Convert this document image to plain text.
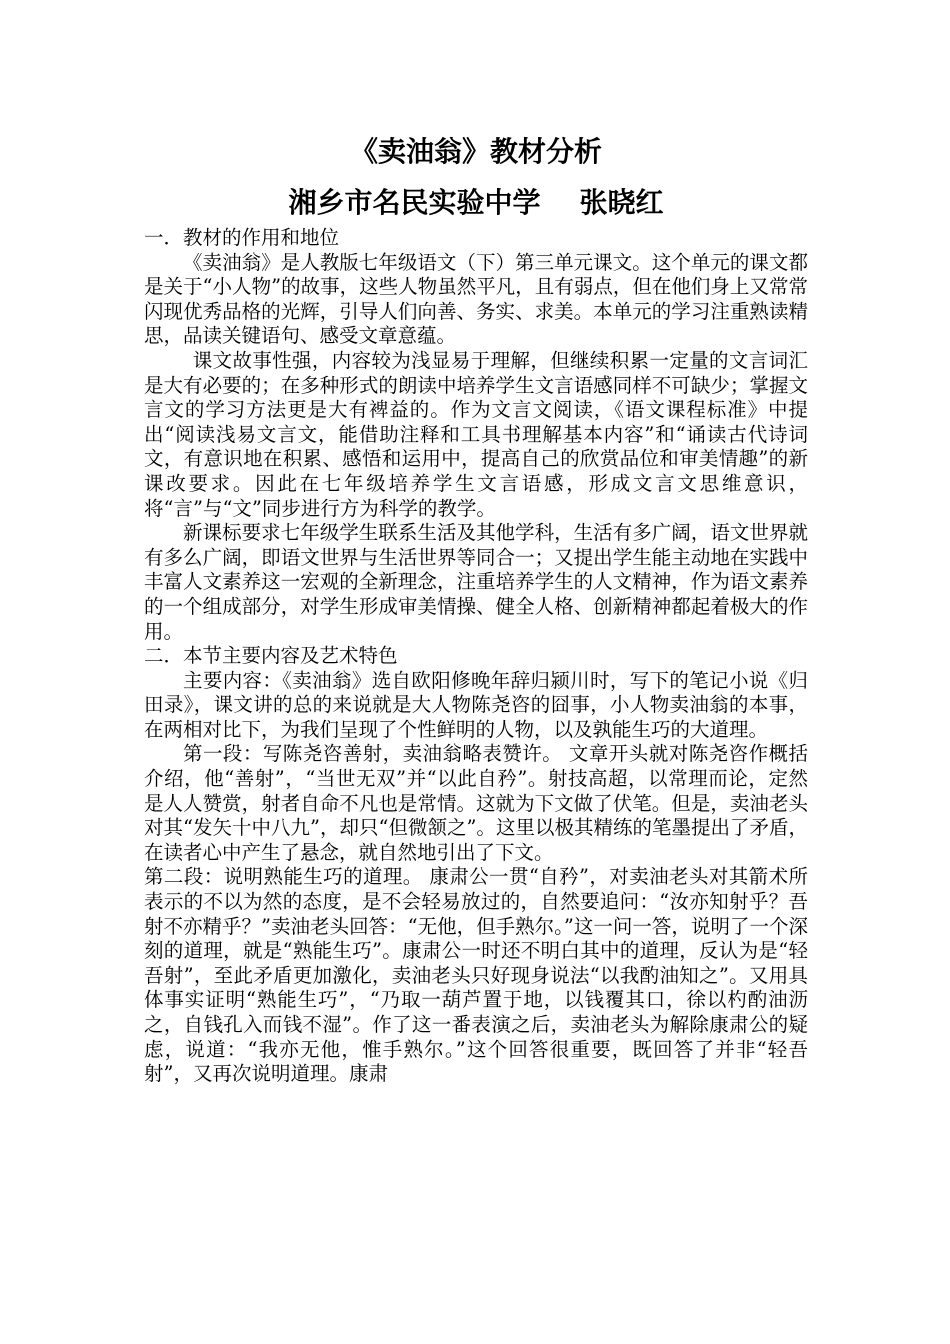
《卖油翁》教材分析
湘乡市名民实验中学    张晓红

一．教材的作用和地位

《卖油翁》是人教版七年级语文（下）第三单元课文。这个单元的课文都是关于“小人物”的故事，这些人物虽然平凡，且有弱点，但在他们身上又常常闪现优秀品格的光辉，引导人们向善、务实、求美。本单元的学习注重熟读精思，品读关键语句、感受文章意蕴。

课文故事性强，内容较为浅显易于理解，但继续积累一定量的文言词汇是大有必要的；在多种形式的朗读中培养学生文言语感同样不可缺少；掌握文言文的学习方法更是大有裨益的。作为文言文阅读，《语文课程标准》中提出“阅读浅易文言文，能借助注释和工具书理解基本内容”和“诵读古代诗词文，有意识地在积累、感悟和运用中，提高自己的欣赏品位和审美情趣”的新课改要求。因此在七年级培养学生文言语感，形成文言文思维意识，将“言”与“文”同步进行方为科学的教学。

新课标要求七年级学生联系生活及其他学科，生活有多广阔，语文世界就有多么广阔，即语文世界与生活世界等同合一；又提出学生能主动地在实践中丰富人文素养这一宏观的全新理念，注重培养学生的人文精神，作为语文素养的一个组成部分，对学生形成审美情操、健全人格、创新精神都起着极大的作用。

二．本节主要内容及艺术特色

主要内容：《卖油翁》选自欧阳修晚年辞归颍川时，写下的笔记小说《归田录》，课文讲的总的来说就是大人物陈尧咨的囧事，小人物卖油翁的本事，在两相对比下，为我们呈现了个性鲜明的人物，以及孰能生巧的大道理。

第一段：写陈尧咨善射，卖油翁略表赞许。 文章开头就对陈尧咨作概括介绍，他“善射”，“当世无双”并“以此自矜”。射技高超，以常理而论，定然是人人赞赏，射者自命不凡也是常情。这就为下文做了伏笔。但是，卖油老头对其“发矢十中八九”，却只“但微颔之”。这里以极其精练的笔墨提出了矛盾，在读者心中产生了悬念，就自然地引出了下文。

第二段：说明熟能生巧的道理。 康肃公一贯“自矜”，对卖油老头对其箭术所表示的不以为然的态度，是不会轻易放过的，自然要追问：“汝亦知射乎？吾射不亦精乎？”卖油老头回答：“无他，但手熟尔。”这一问一答，说明了一个深刻的道理，就是“熟能生巧”。康肃公一时还不明白其中的道理，反认为是“轻吾射”，至此矛盾更加激化，卖油老头只好现身说法“以我酌油知之”。又用具体事实证明“熟能生巧”，“乃取一葫芦置于地，以钱覆其口，徐以杓酌油沥之，自钱孔入而钱不湿”。作了这一番表演之后，卖油老头为解除康肃公的疑虑，说道：“我亦无他，惟手熟尔。”这个回答很重要，既回答了并非“轻吾射”，又再次说明道理。康肃
